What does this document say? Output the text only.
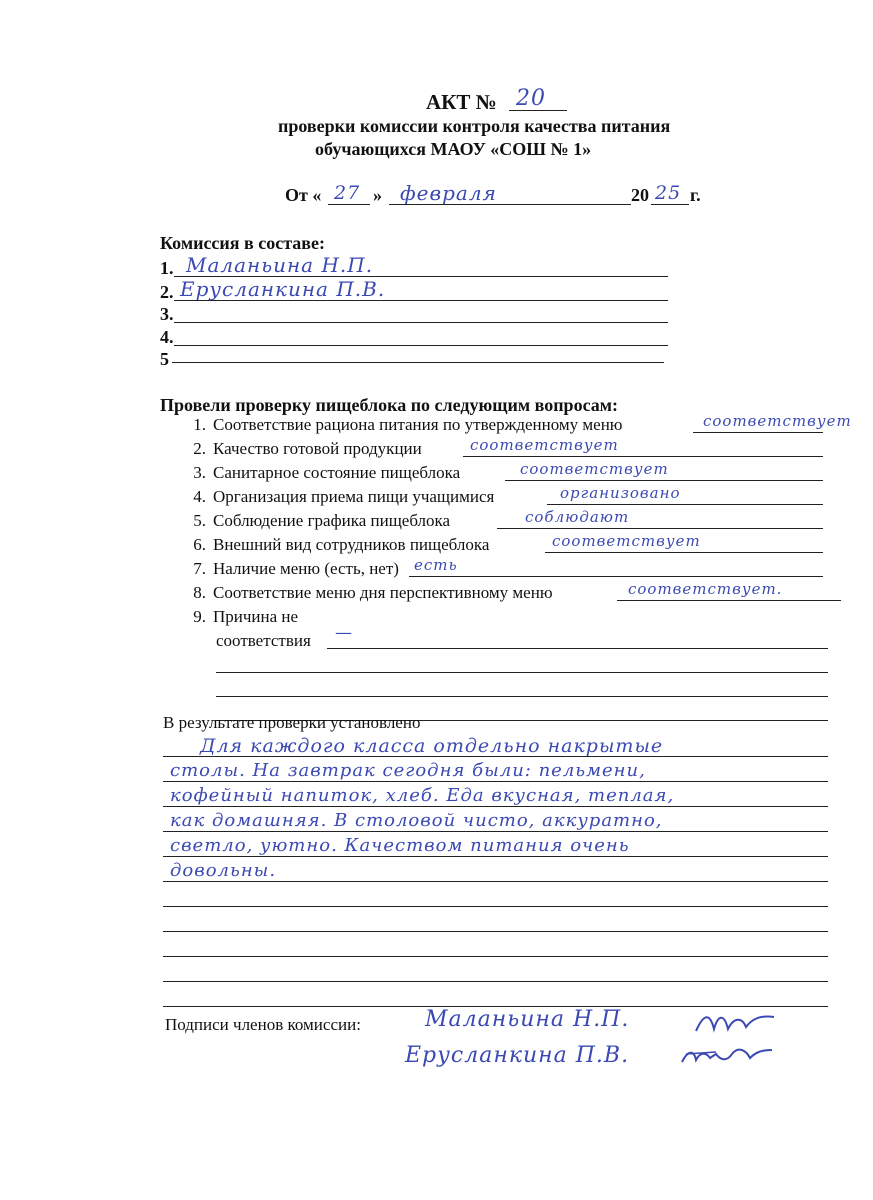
АКТ № 20
проверки комиссии контроля качества питания
обучающихся МАОУ «СОШ № 1»
От « 27 » февраля	20 25 г.
Комиссия в составе:
1. Маланьина Н.П.
2. Ерусланкина П.В.
3.
4.
5
Провели проверку пищеблока по следующим вопросам:
1. Соответствие рациона питания по утвержденному меню	соответствует
2. Качество готовой продукции	соответствует
3. Санитарное состояние пищеблока	соответствует
4. Организация приема пищи учащимися	организовано
5. Соблюдение графика пищеблока	соблюдают
6. Внешний вид сотрудников пищеблока	соответствует
7. Наличие меню (есть, нет) есть
8. Соответствие меню дня перспективному меню	соответствует.
9. Причина не
соответствия —
В результате проверки установлено
Для каждого класса отдельно накрытые
столы. На завтрак сегодня были: пельмени,
кофейный напиток, хлеб. Еда вкусная, теплая,
как домашняя. В столовой чисто, аккуратно,
светло, уютно. Качеством питания очень
довольны.
Подписи членов комиссии:	Маланьина Н.П.
Ерусланкина П.В.
